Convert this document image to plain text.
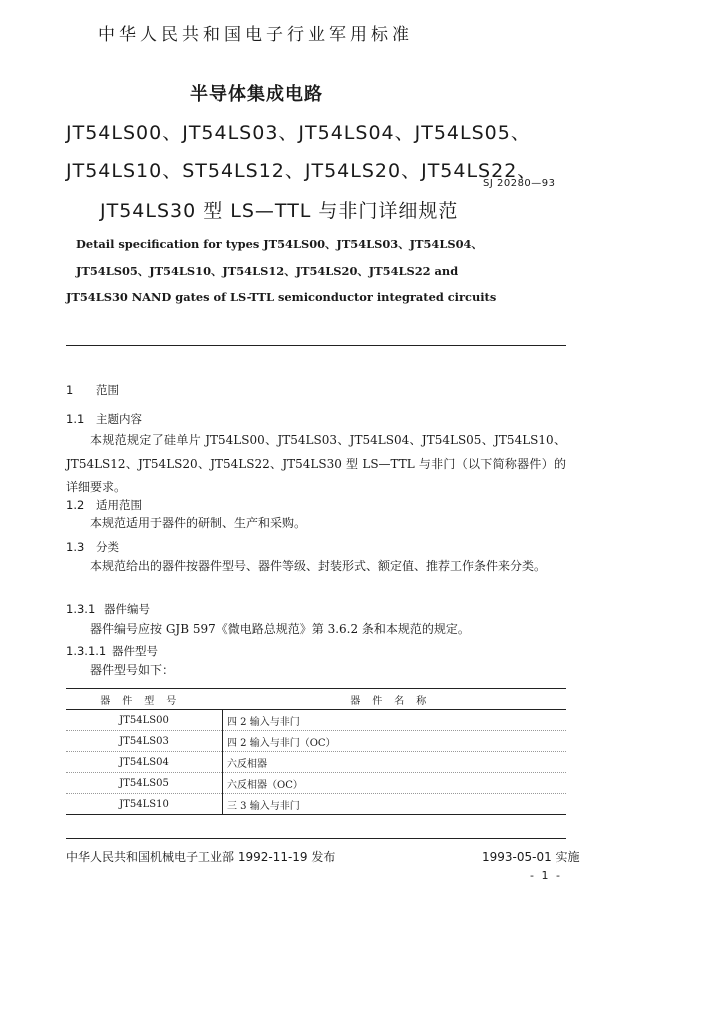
中华人民共和国电子行业军用标准
半导体集成电路
JT54LS00、JT54LS03、JT54LS04、JT54LS05、
JT54LS10、ST54LS12、JT54LS20、JT54LS22、
JT54LS30 型 LS—TTL 与非门详细规范
SJ 20280—93
Detail specification for types JT54LS00、JT54LS03、JT54LS04、
JT54LS05、JT54LS10、JT54LS12、JT54LS20、JT54LS22 and
JT54LS30 NAND gates of LS-TTL semiconductor integrated circuits
1 范围
1.1 主题内容
本规范规定了硅单片 JT54LS00、JT54LS03、JT54LS04、JT54LS05、JT54LS10、JT54LS12、JT54LS20、JT54LS22、JT54LS30 型 LS—TTL 与非门（以下简称器件）的详细要求。
1.2 适用范围
本规范适用于器件的研制、生产和采购。
1.3 分类
本规范给出的器件按器件型号、器件等级、封装形式、额定值、推荐工作条件来分类。
1.3.1 器件编号
器件编号应按 GJB 597《微电路总规范》第 3.6.2 条和本规范的规定。
1.3.1.1 器件型号
器件型号如下：
器件型号	器件名称
JT54LS00	四 2 输入与非门
JT54LS03	四 2 输入与非门（OC）
JT54LS04	六反相器
JT54LS05	六反相器（OC）
JT54LS10	三 3 输入与非门
中华人民共和国机械电子工业部 1992-11-19 发布	1993-05-01 实施
- 1 -
